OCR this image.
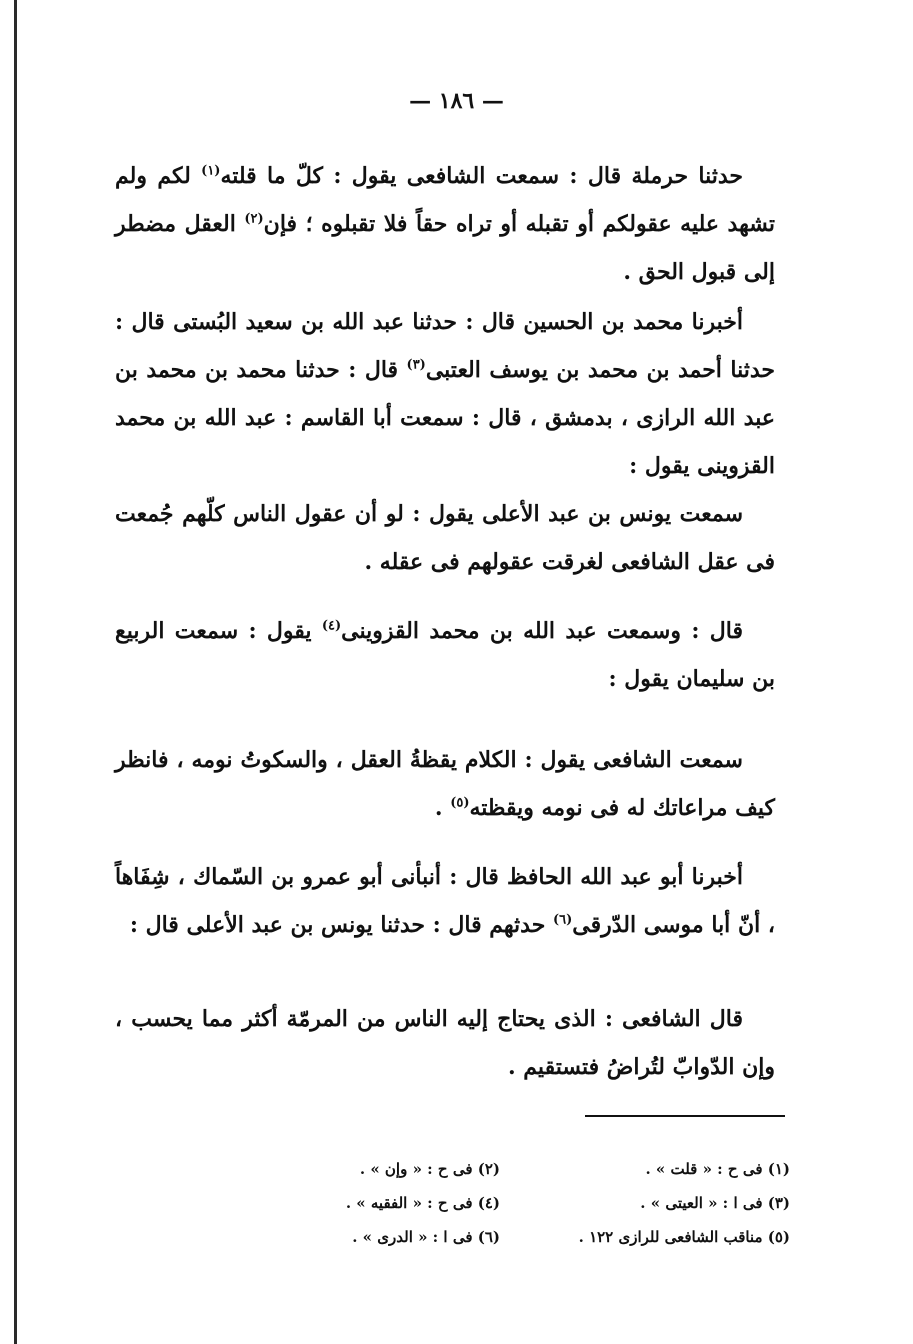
— ١٨٦ —
حدثنا حرملة قال : سمعت الشافعى يقول : كلّ ما قلته$^{(١)}$ لكم ولم تشهد عليه عقولكم أو تقبله أو تراه حقاً فلا تقبلوه ؛ فإن$^{(٢)}$ العقل مضطر إلى قبول الحق .
أخبرنا محمد بن الحسين قال : حدثنا عبد الله بن سعيد البُستى قال : حدثنا أحمد بن محمد بن يوسف العتبى$^{(٣)}$ قال : حدثنا محمد بن محمد بن عبد الله الرازى ، بدمشق ، قال : سمعت أبا القاسم : عبد الله بن محمد القزوينى يقول :
سمعت يونس بن عبد الأعلى يقول : لو أن عقول الناس كلّهم جُمعت فى عقل الشافعى لغرقت عقولهم فى عقله .
قال : وسمعت عبد الله بن محمد القزوينى$^{(٤)}$ يقول : سمعت الربيع بن سليمان يقول :
سمعت الشافعى يقول : الكلام يقظةُ العقل ، والسكوتُ نومه ، فانظر كيف مراعاتك له فى نومه ويقظته$^{(٥)}$ .
أخبرنا أبو عبد الله الحافظ قال : أنبأنى أبو عمرو بن السّماك ، شِفَاهاً ، أنّ أبا موسى الدّرقى$^{(٦)}$ حدثهم قال : حدثنا يونس بن عبد الأعلى قال :
قال الشافعى : الذى يحتاج إليه الناس من المرمّة أكثر مما يحسب ، وإن الدّوابّ لتُراضُ فتستقيم .
(١) فى ح : « قلت » .
(٢) فى ح : « وإن » .
(٣) فى ا : « العيتى » .
(٤) فى ح : « الفقيه » .
(٥) مناقب الشافعى للرازى ١٢٢ .
(٦) فى ا : « الدرى » .
